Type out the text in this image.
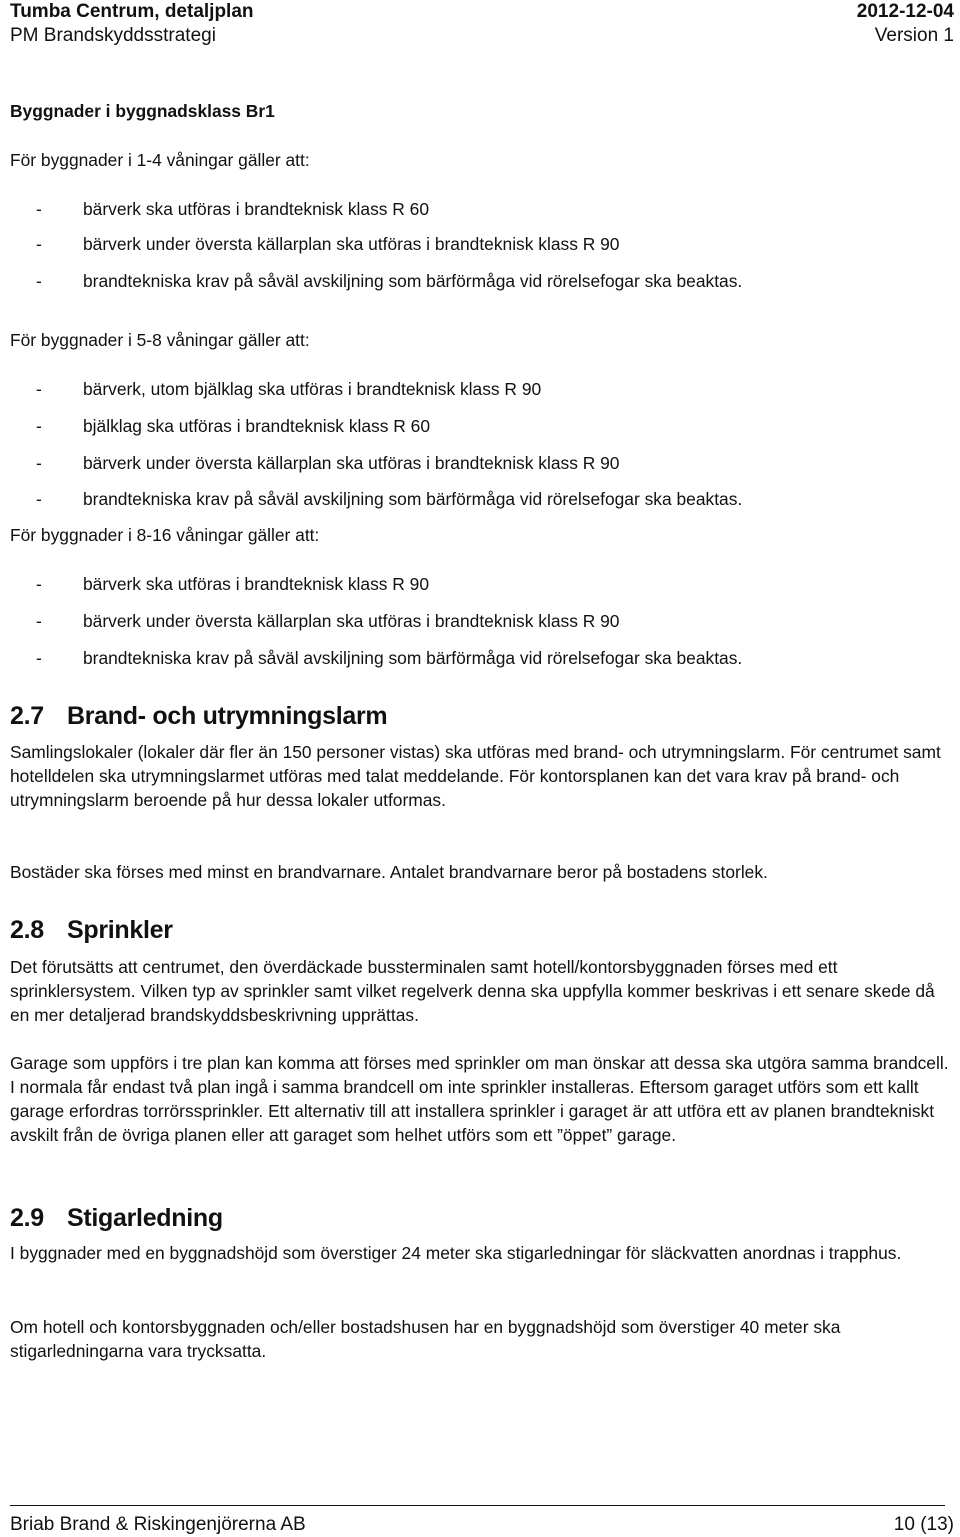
Tumba Centrum, detaljplan	2012-12-04
PM Brandskyddsstrategi	Version 1
Byggnader i byggnadsklass Br1
För byggnader i 1-4 våningar gäller att:
-	bärverk ska utföras i brandteknisk klass R 60
-	bärverk under översta källarplan ska utföras i brandteknisk klass R 90
-	brandtekniska krav på såväl avskiljning som bärförmåga vid rörelsefogar ska beaktas.
För byggnader i 5-8 våningar gäller att:
-	bärverk, utom bjälklag ska utföras i brandteknisk klass R 90
-	bjälklag ska utföras i brandteknisk klass R 60
-	bärverk under översta källarplan ska utföras i brandteknisk klass R 90
-	brandtekniska krav på såväl avskiljning som bärförmåga vid rörelsefogar ska beaktas.
För byggnader i 8-16 våningar gäller att:
-	bärverk ska utföras i brandteknisk klass R 90
-	bärverk under översta källarplan ska utföras i brandteknisk klass R 90
-	brandtekniska krav på såväl avskiljning som bärförmåga vid rörelsefogar ska beaktas.
2.7 Brand- och utrymningslarm

Samlingslokaler (lokaler där fler än 150 personer vistas) ska utföras med brand- och utrymningslarm. För centrumet samt hotelldelen ska utrymningslarmet utföras med talat meddelande. För kontorsplanen kan det vara krav på brand- och utrymningslarm beroende på hur dessa lokaler utformas.

Bostäder ska förses med minst en brandvarnare. Antalet brandvarnare beror på bostadens storlek.

2.8 Sprinkler

Det förutsätts att centrumet, den överdäckade bussterminalen samt hotell/kontorsbyggnaden förses med ett sprinklersystem. Vilken typ av sprinkler samt vilket regelverk denna ska uppfylla kommer beskrivas i ett senare skede då en mer detaljerad brandskyddsbeskrivning upprättas.

Garage som uppförs i tre plan kan komma att förses med sprinkler om man önskar att dessa ska utgöra samma brandcell. I normala får endast två plan ingå i samma brandcell om inte sprinkler installeras. Eftersom garaget utförs som ett kallt garage erfordras torrörssprinkler. Ett alternativ till att installera sprinkler i garaget är att utföra ett av planen brandtekniskt avskilt från de övriga planen eller att garaget som helhet utförs som ett ”öppet” garage.

2.9 Stigarledning

I byggnader med en byggnadshöjd som överstiger 24 meter ska stigarledningar för släckvatten anordnas i trapphus.

Om hotell och kontorsbyggnaden och/eller bostadshusen har en byggnadshöjd som överstiger 40 meter ska stigarledningarna vara trycksatta.

Briab Brand & Riskingenjörerna AB	10 (13)
